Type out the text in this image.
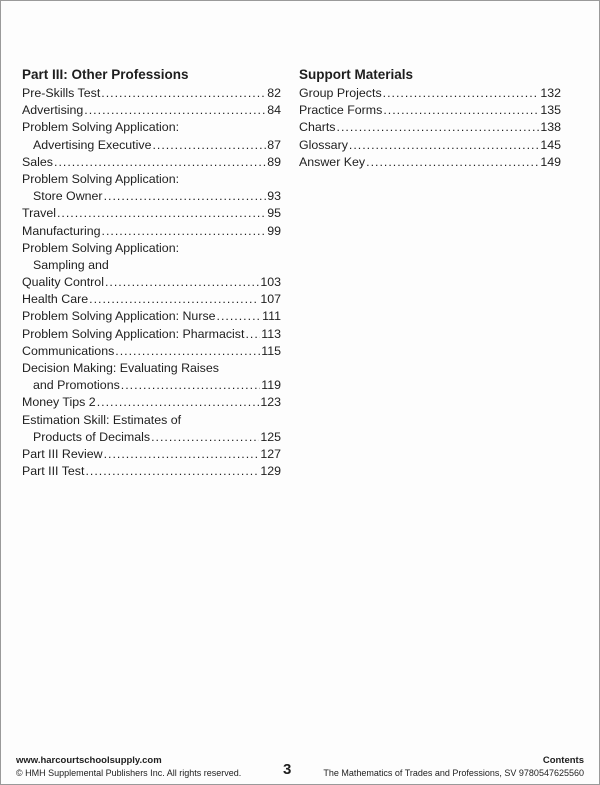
Part III: Other Professions
Pre-Skills Test .....	82
Advertising .....	84
Problem Solving Application:
Advertising Executive .....	87
Sales .....	89
Problem Solving Application:
Store Owner .....	93
Travel .....	95
Manufacturing .....	99
Problem Solving Application:
Sampling and
Quality Control .....	103
Health Care .....	107
Problem Solving Application: Nurse .....	111
Problem Solving Application: Pharmacist ..... 113
Communications .....	115
Decision Making: Evaluating Raises
and Promotions .....	119
Money Tips 2 .....	123
Estimation Skill: Estimates of
Products of Decimals .....	125
Part III Review .....	127
Part III Test .....	129
Support Materials
Group Projects .....	132
Practice Forms .....	135
Charts .....	138
Glossary .....	145
Answer Key .....	149
www.harcourtschoolsupply.com
© HMH Supplemental Publishers Inc. All rights reserved.	3
Contents
The Mathematics of Trades and Professions, SV 9780547625560
